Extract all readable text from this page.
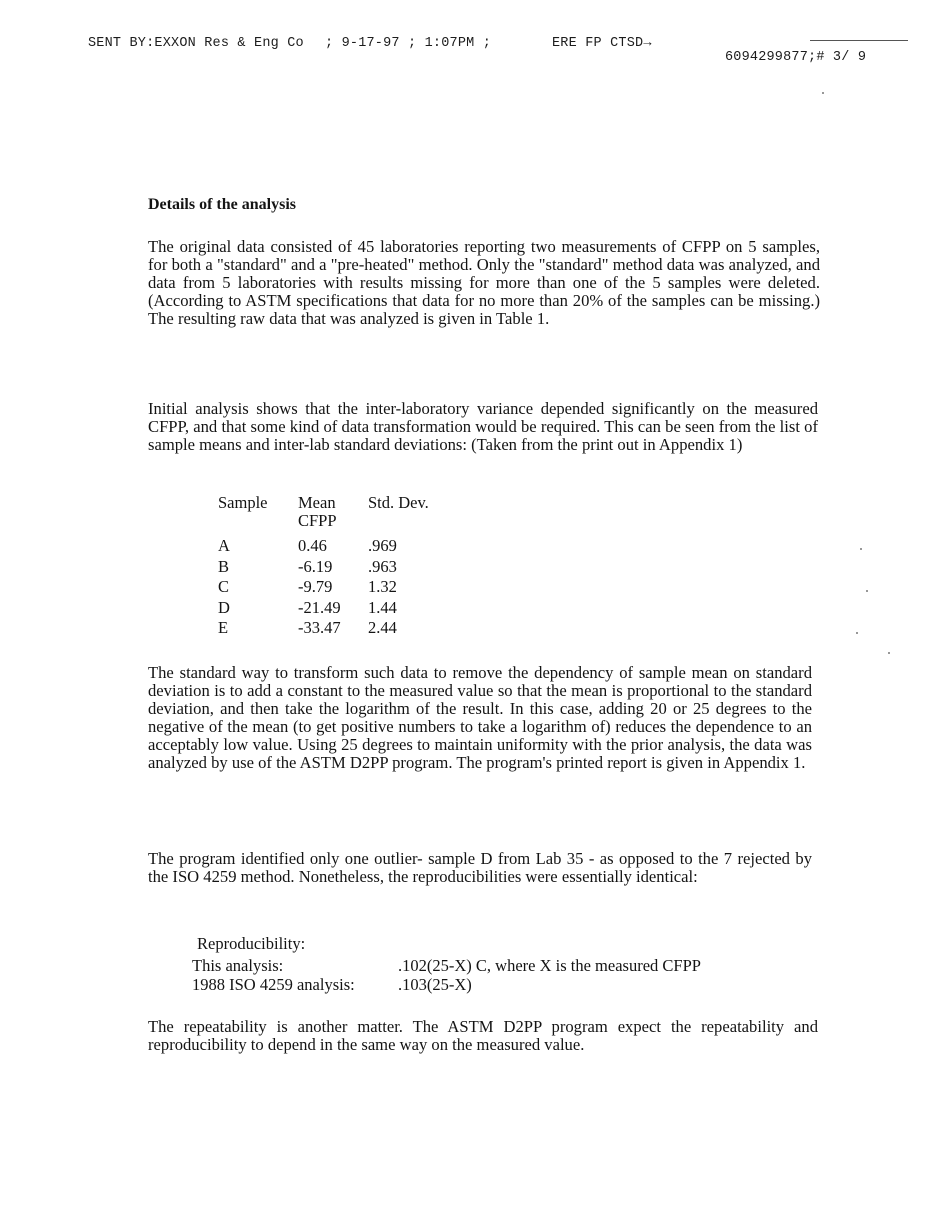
SENT BY:EXXON Res & Eng Co ; 9-17-97 ; 1:07PM ;	ERE FP CTSD→
6094299877;# 3/ 9
Details of the analysis

The original data consisted of 45 laboratories reporting two measurements of CFPP on 5 samples, for both a "standard" and a "pre-heated" method. Only the "standard" method data was analyzed, and data from 5 laboratories with results missing for more than one of the 5 samples were deleted. (According to ASTM specifications that data for no more than 20% of the samples can be missing.) The resulting raw data that was analyzed is given in Table 1.

Initial analysis shows that the inter-laboratory variance depended significantly on the measured CFPP, and that some kind of data transformation would be required. This can be seen from the list of sample means and inter-lab standard deviations: (Taken from the print out in Appendix 1)

Sample	Mean CFPP	Std. Dev.
A	0.46	.969
B	-6.19	.963
C	-9.79	1.32
D	-21.49	1.44
E	-33.47	2.44

The standard way to transform such data to remove the dependency of sample mean on standard deviation is to add a constant to the measured value so that the mean is proportional to the standard deviation, and then take the logarithm of the result. In this case, adding 20 or 25 degrees to the negative of the mean (to get positive numbers to take a logarithm of) reduces the dependence to an acceptably low value. Using 25 degrees to maintain uniformity with the prior analysis, the data was analyzed by use of the ASTM D2PP program. The program's printed report is given in Appendix 1.

The program identified only one outlier- sample D from Lab 35 - as opposed to the 7 rejected by the ISO 4259 method. Nonetheless, the reproducibilities were essentially identical:

Reproducibility:

This analysis:	.102(25-X) C, where X is the measured CFPP
1988 ISO 4259 analysis:	.103(25-X)

The repeatability is another matter. The ASTM D2PP program expect the repeatability and reproducibility to depend in the same way on the measured value.
